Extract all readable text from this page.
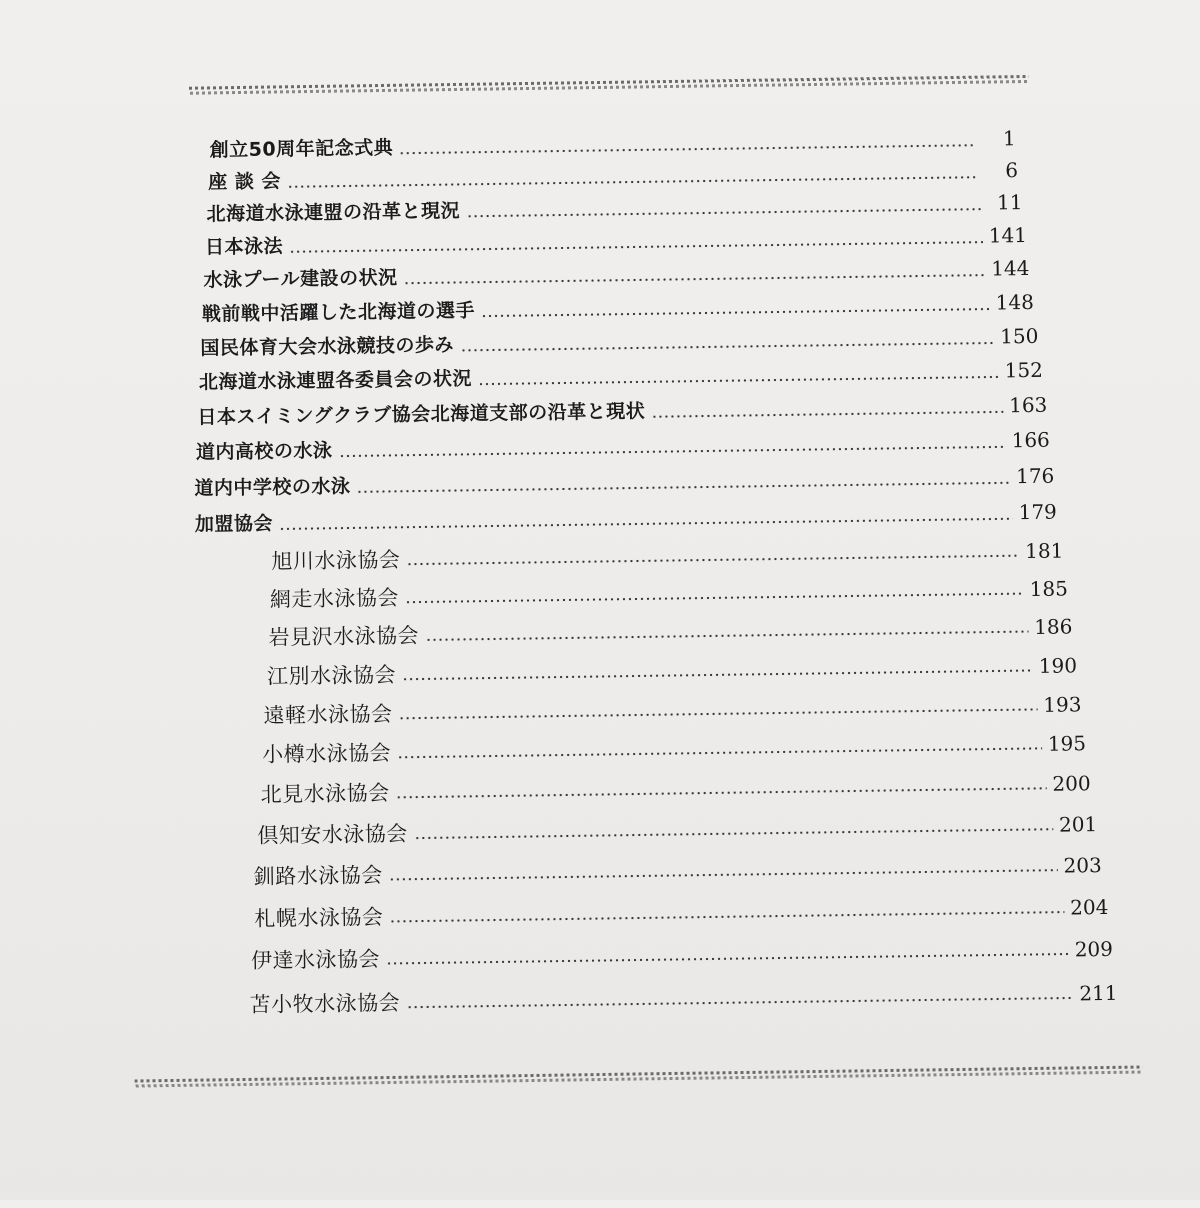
​
創立50周年記念式典	1
座 談 会	6
北海道水泳連盟の沿革と現況	11
日本泳法	141
水泳プール建設の状況	144
戦前戦中活躍した北海道の選手	148
国民体育大会水泳競技の歩み	150
北海道水泳連盟各委員会の状況	152
日本スイミングクラブ協会北海道支部の沿革と現状	163
道内高校の水泳	166
道内中学校の水泳	176
加盟協会	179
旭川水泳協会	181
網走水泳協会	185
岩見沢水泳協会	186
江別水泳協会	190
遠軽水泳協会	193
小樽水泳協会	195
北見水泳協会	200
倶知安水泳協会	201
釧路水泳協会	203
札幌水泳協会	204
伊達水泳協会	209
苫小牧水泳協会	211
